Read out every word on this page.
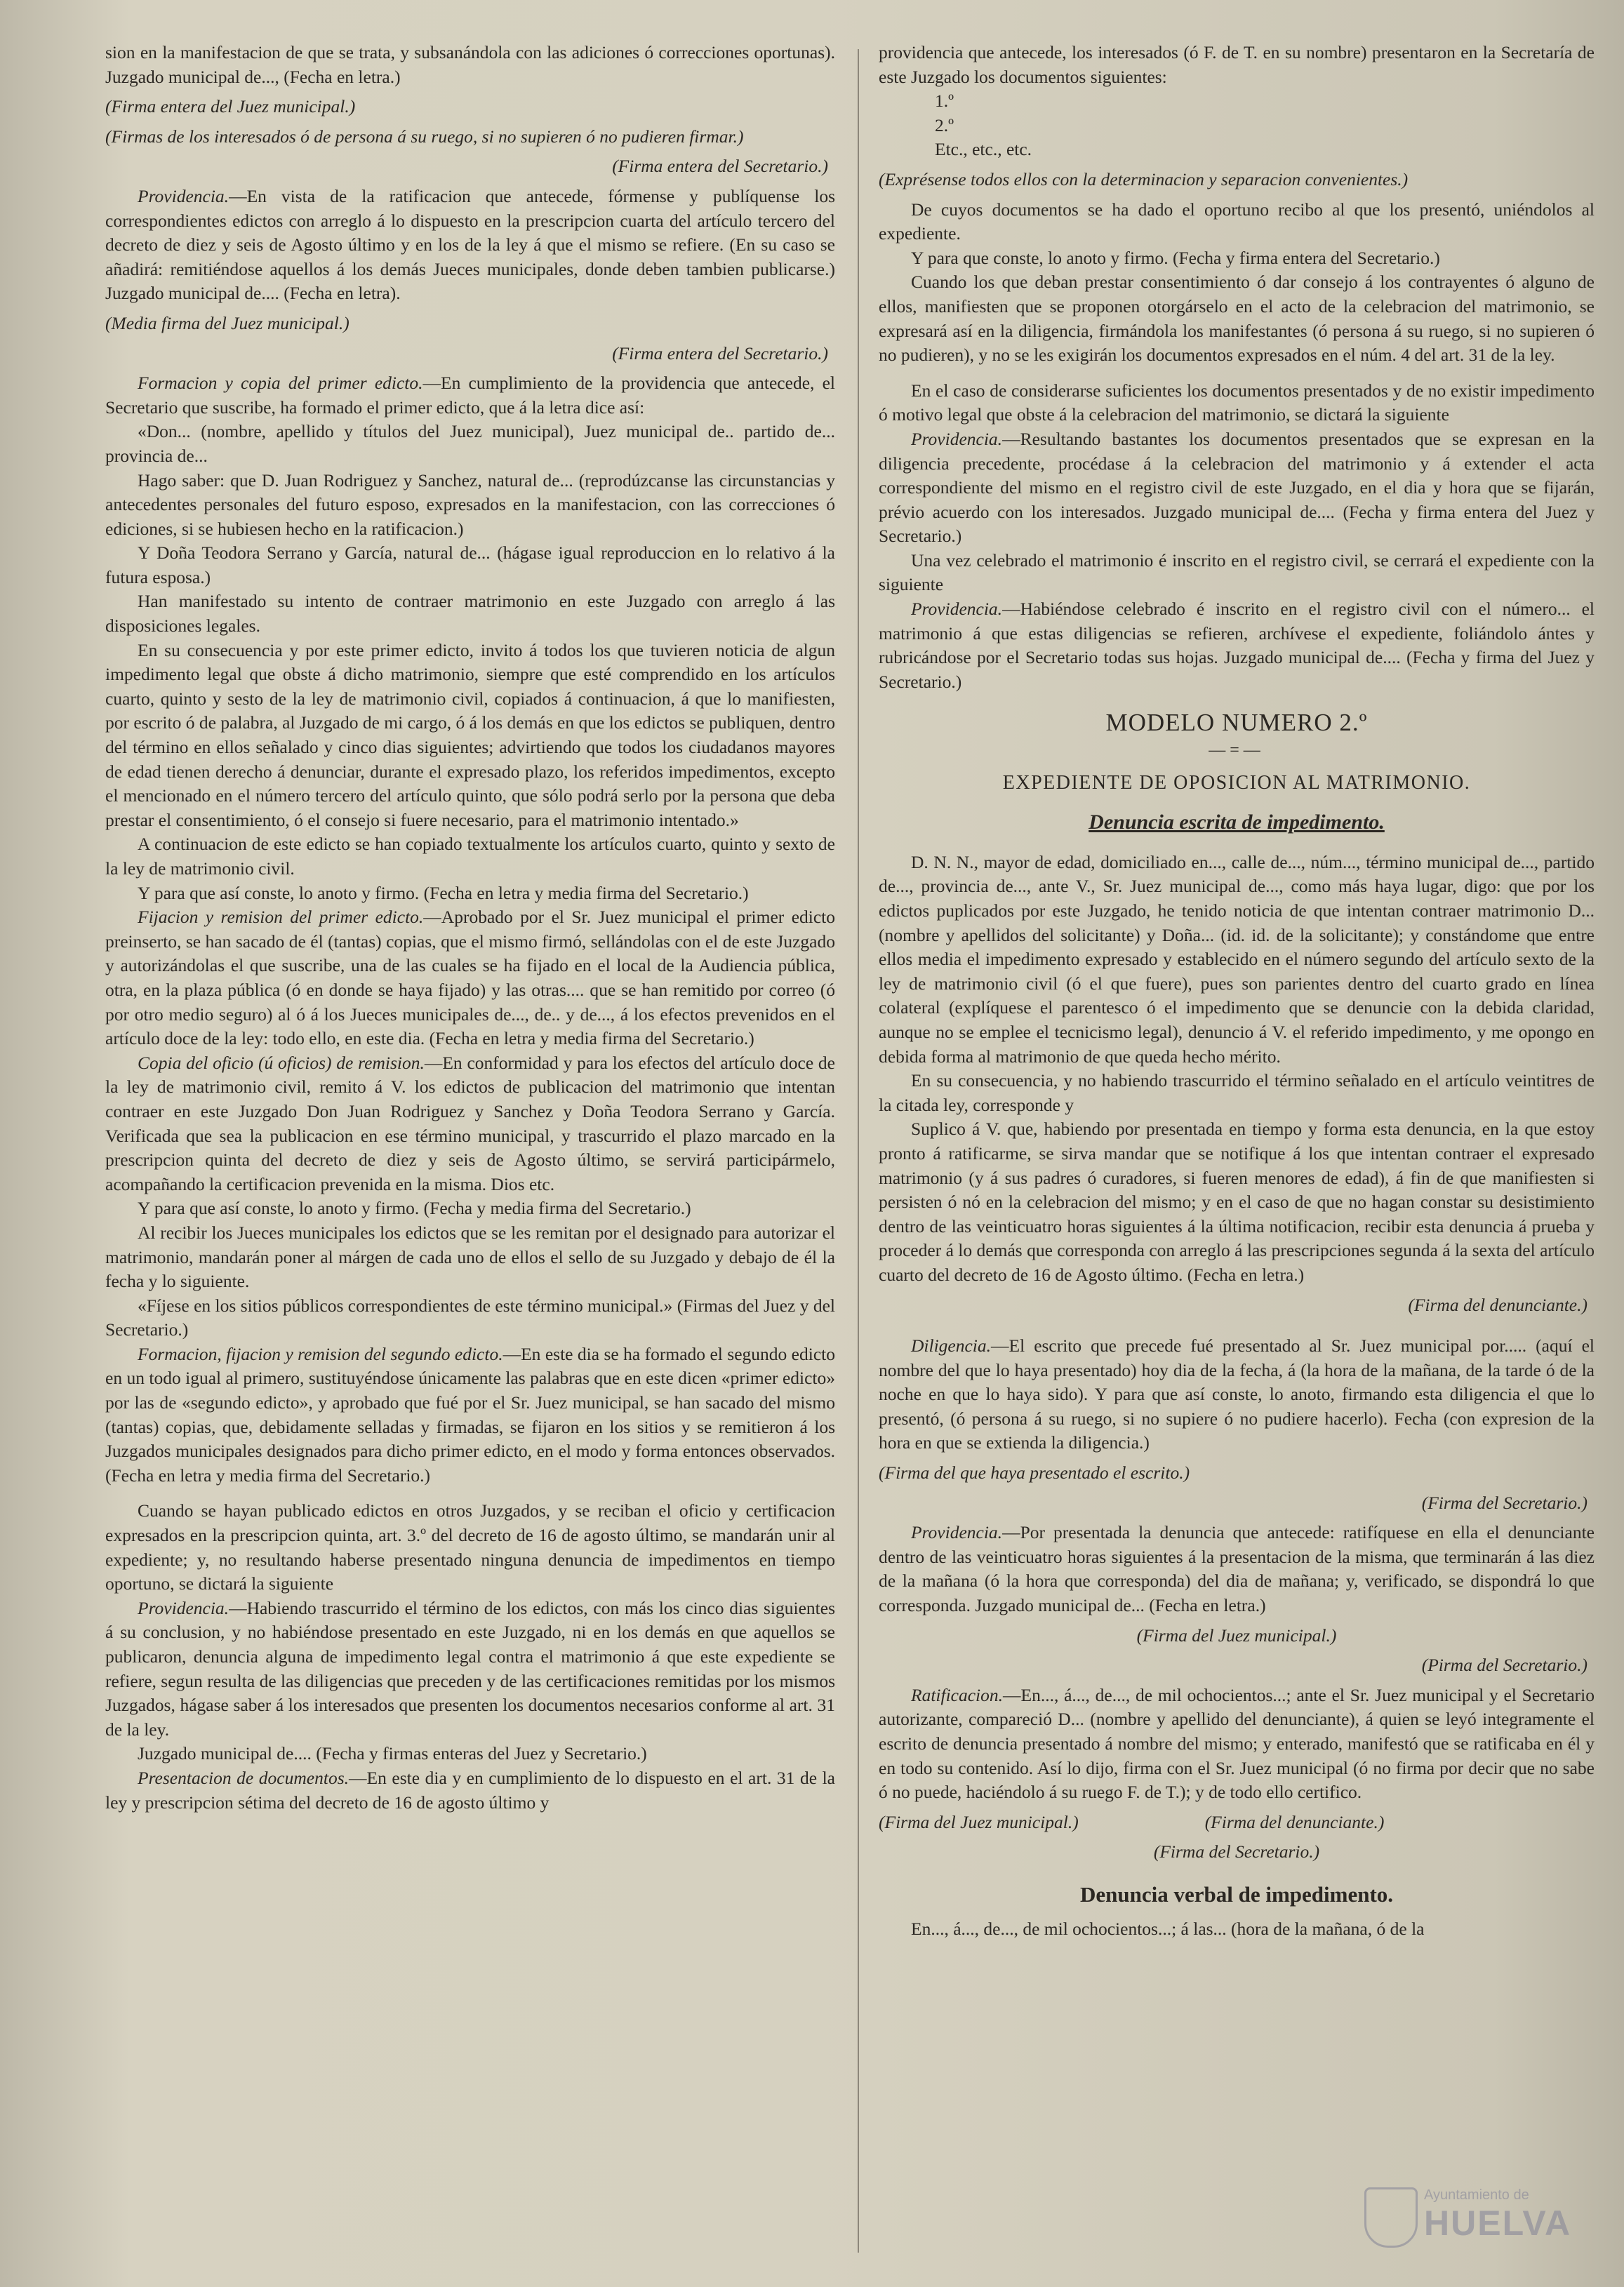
sion en la manifestacion de que se trata, y subsanándola con las adiciones ó correcciones oportunas). Juzgado municipal de..., (Fecha en letra.)

(Firma entera del Juez municipal.)

(Firmas de los interesados ó de persona á su ruego, si no supieren ó no pudieren firmar.)

(Firma entera del Secretario.)

Providencia.—En vista de la ratificacion que antecede, fórmense y publíquense los correspondientes edictos con arreglo á lo dispuesto en la prescripcion cuarta del artículo tercero del decreto de diez y seis de Agosto último y en los de la ley á que el mismo se refiere. (En su caso se añadirá: remitiéndose aquellos á los demás Jueces municipales, donde deben tambien publicarse.) Juzgado municipal de.... (Fecha en letra).

(Media firma del Juez municipal.)

(Firma entera del Secretario.)

Formacion y copia del primer edicto.—En cumplimiento de la providencia que antecede, el Secretario que suscribe, ha formado el primer edicto, que á la letra dice así:

«Don... (nombre, apellido y títulos del Juez municipal), Juez municipal de.. partido de... provincia de...

Hago saber: que D. Juan Rodriguez y Sanchez, natural de... (reprodúzcanse las circunstancias y antecedentes personales del futuro esposo, expresados en la manifestacion, con las correcciones ó ediciones, si se hubiesen hecho en la ratificacion.)

Y Doña Teodora Serrano y García, natural de... (hágase igual reproduccion en lo relativo á la futura esposa.)

Han manifestado su intento de contraer matrimonio en este Juzgado con arreglo á las disposiciones legales.

En su consecuencia y por este primer edicto, invito á todos los que tuvieren noticia de algun impedimento legal que obste á dicho matrimonio, siempre que esté comprendido en los artículos cuarto, quinto y sesto de la ley de matrimonio civil, copiados á continuacion, á que lo manifiesten, por escrito ó de palabra, al Juzgado de mi cargo, ó á los demás en que los edictos se publiquen, dentro del término en ellos señalado y cinco dias siguientes; advirtiendo que todos los ciudadanos mayores de edad tienen derecho á denunciar, durante el expresado plazo, los referidos impedimentos, excepto el mencionado en el número tercero del artículo quinto, que sólo podrá serlo por la persona que deba prestar el consentimiento, ó el consejo si fuere necesario, para el matrimonio intentado.»

A continuacion de este edicto se han copiado textualmente los artículos cuarto, quinto y sexto de la ley de matrimonio civil.

Y para que así conste, lo anoto y firmo. (Fecha en letra y media firma del Secretario.)

Fijacion y remision del primer edicto.—Aprobado por el Sr. Juez municipal el primer edicto preinserto, se han sacado de él (tantas) copias, que el mismo firmó, sellándolas con el de este Juzgado y autorizándolas el que suscribe, una de las cuales se ha fijado en el local de la Audiencia pública, otra, en la plaza pública (ó en donde se haya fijado) y las otras.... que se han remitido por correo (ó por otro medio seguro) al ó á los Jueces municipales de..., de.. y de..., á los efectos prevenidos en el artículo doce de la ley: todo ello, en este dia. (Fecha en letra y media firma del Secretario.)

Copia del oficio (ú oficios) de remision.—En conformidad y para los efectos del artículo doce de la ley de matrimonio civil, remito á V. los edictos de publicacion del matrimonio que intentan contraer en este Juzgado Don Juan Rodriguez y Sanchez y Doña Teodora Serrano y García. Verificada que sea la publicacion en ese término municipal, y trascurrido el plazo marcado en la prescripcion quinta del decreto de diez y seis de Agosto último, se servirá participármelo, acompañando la certificacion prevenida en la misma. Dios etc.

Y para que así conste, lo anoto y firmo. (Fecha y media firma del Secretario.)

Al recibir los Jueces municipales los edictos que se les remitan por el designado para autorizar el matrimonio, mandarán poner al márgen de cada uno de ellos el sello de su Juzgado y debajo de él la fecha y lo siguiente.

«Fíjese en los sitios públicos correspondientes de este término municipal.» (Firmas del Juez y del Secretario.)

Formacion, fijacion y remision del segundo edicto.—En este dia se ha formado el segundo edicto en un todo igual al primero, sustituyéndose únicamente las palabras que en este dicen «primer edicto» por las de «segundo edicto», y aprobado que fué por el Sr. Juez municipal, se han sacado del mismo (tantas) copias, que, debidamente selladas y firmadas, se fijaron en los sitios y se remitieron á los Juzgados municipales designados para dicho primer edicto, en el modo y forma entonces observados. (Fecha en letra y media firma del Secretario.)

Cuando se hayan publicado edictos en otros Juzgados, y se reciban el oficio y certificacion expresados en la prescripcion quinta, art. 3.º del decreto de 16 de agosto último, se mandarán unir al expediente; y, no resultando haberse presentado ninguna denuncia de impedimentos en tiempo oportuno, se dictará la siguiente

Providencia.—Habiendo trascurrido el término de los edictos, con más los cinco dias siguientes á su conclusion, y no habiéndose presentado en este Juzgado, ni en los demás en que aquellos se publicaron, denuncia alguna de impedimento legal contra el matrimonio á que este expediente se refiere, segun resulta de las diligencias que preceden y de las certificaciones remitidas por los mismos Juzgados, hágase saber á los interesados que presenten los documentos necesarios conforme al art. 31 de la ley.

Juzgado municipal de.... (Fecha y firmas enteras del Juez y Secretario.)

Presentacion de documentos.—En este dia y en cumplimiento de lo dispuesto en el art. 31 de la ley y prescripcion sétima del decreto de 16 de agosto último y

providencia que antecede, los interesados (ó F. de T. en su nombre) presentaron en la Secretaría de este Juzgado los documentos siguientes:

1.º

2.º

Etc., etc., etc.

(Exprésense todos ellos con la determinacion y separacion convenientes.)

De cuyos documentos se ha dado el oportuno recibo al que los presentó, uniéndolos al expediente.

Y para que conste, lo anoto y firmo. (Fecha y firma entera del Secretario.)

Cuando los que deban prestar consentimiento ó dar consejo á los contrayentes ó alguno de ellos, manifiesten que se proponen otorgárselo en el acto de la celebracion del matrimonio, se expresará así en la diligencia, firmándola los manifestantes (ó persona á su ruego, si no supieren ó no pudieren), y no se les exigirán los documentos expresados en el núm. 4 del art. 31 de la ley.

En el caso de considerarse suficientes los documentos presentados y de no existir impedimento ó motivo legal que obste á la celebracion del matrimonio, se dictará la siguiente

Providencia.—Resultando bastantes los documentos presentados que se expresan en la diligencia precedente, procédase á la celebracion del matrimonio y á extender el acta correspondiente del mismo en el registro civil de este Juzgado, en el dia y hora que se fijarán, prévio acuerdo con los interesados. Juzgado municipal de.... (Fecha y firma entera del Juez y Secretario.)

Una vez celebrado el matrimonio é inscrito en el registro civil, se cerrará el expediente con la siguiente

Providencia.—Habiéndose celebrado é inscrito en el registro civil con el número... el matrimonio á que estas diligencias se refieren, archívese el expediente, foliándolo ántes y rubricándose por el Secretario todas sus hojas. Juzgado municipal de.... (Fecha y firma del Juez y Secretario.)

MODELO NUMERO 2.º

—=—

EXPEDIENTE DE OPOSICION AL MATRIMONIO.

Denuncia escrita de impedimento.

D. N. N., mayor de edad, domiciliado en..., calle de..., núm..., término municipal de..., partido de..., provincia de..., ante V., Sr. Juez municipal de..., como más haya lugar, digo: que por los edictos puplicados por este Juzgado, he tenido noticia de que intentan contraer matrimonio D... (nombre y apellidos del solicitante) y Doña... (id. id. de la solicitante); y constándome que entre ellos media el impedimento expresado y establecido en el número segundo del artículo sexto de la ley de matrimonio civil (ó el que fuere), pues son parientes dentro del cuarto grado en línea colateral (explíquese el parentesco ó el impedimento que se denuncie con la debida claridad, aunque no se emplee el tecnicismo legal), denuncio á V. el referido impedimento, y me opongo en debida forma al matrimonio de que queda hecho mérito.

En su consecuencia, y no habiendo trascurrido el término señalado en el artículo veintitres de la citada ley, corresponde y

Suplico á V. que, habiendo por presentada en tiempo y forma esta denuncia, en la que estoy pronto á ratificarme, se sirva mandar que se notifique á los que intentan contraer el expresado matrimonio (y á sus padres ó curadores, si fueren menores de edad), á fin de que manifiesten si persisten ó nó en la celebracion del mismo; y en el caso de que no hagan constar su desistimiento dentro de las veinticuatro horas siguientes á la última notificacion, recibir esta denuncia á prueba y proceder á lo demás que corresponda con arreglo á las prescripciones segunda á la sexta del artículo cuarto del decreto de 16 de Agosto último. (Fecha en letra.)

(Firma del denunciante.)

Diligencia.—El escrito que precede fué presentado al Sr. Juez municipal por..... (aquí el nombre del que lo haya presentado) hoy dia de la fecha, á (la hora de la mañana, de la tarde ó de la noche en que lo haya sido). Y para que así conste, lo anoto, firmando esta diligencia el que lo presentó, (ó persona á su ruego, si no supiere ó no pudiere hacerlo). Fecha (con expresion de la hora en que se extienda la diligencia.)

(Firma del que haya presentado el escrito.)

(Firma del Secretario.)

Providencia.—Por presentada la denuncia que antecede: ratifíquese en ella el denunciante dentro de las veinticuatro horas siguientes á la presentacion de la misma, que terminarán á las diez de la mañana (ó la hora que corresponda) del dia de mañana; y, verificado, se dispondrá lo que corresponda. Juzgado municipal de... (Fecha en letra.)

(Firma del Juez municipal.)

(Pirma del Secretario.)

Ratificacion.—En..., á..., de..., de mil ochocientos...; ante el Sr. Juez municipal y el Secretario autorizante, compareció D... (nombre y apellido del denunciante), á quien se leyó integramente el escrito de denuncia presentado á nombre del mismo; y enterado, manifestó que se ratificaba en él y en todo su contenido. Así lo dijo, firma con el Sr. Juez municipal (ó no firma por decir que no sabe ó no puede, haciéndolo á su ruego F. de T.); y de todo ello certifico.

(Firma del Juez municipal.)	(Firma del denunciante.)

(Firma del Secretario.)

Denuncia verbal de impedimento.

En..., á..., de..., de mil ochocientos...; á las... (hora de la mañana, ó de la

Ayuntamiento de
HUELVA
